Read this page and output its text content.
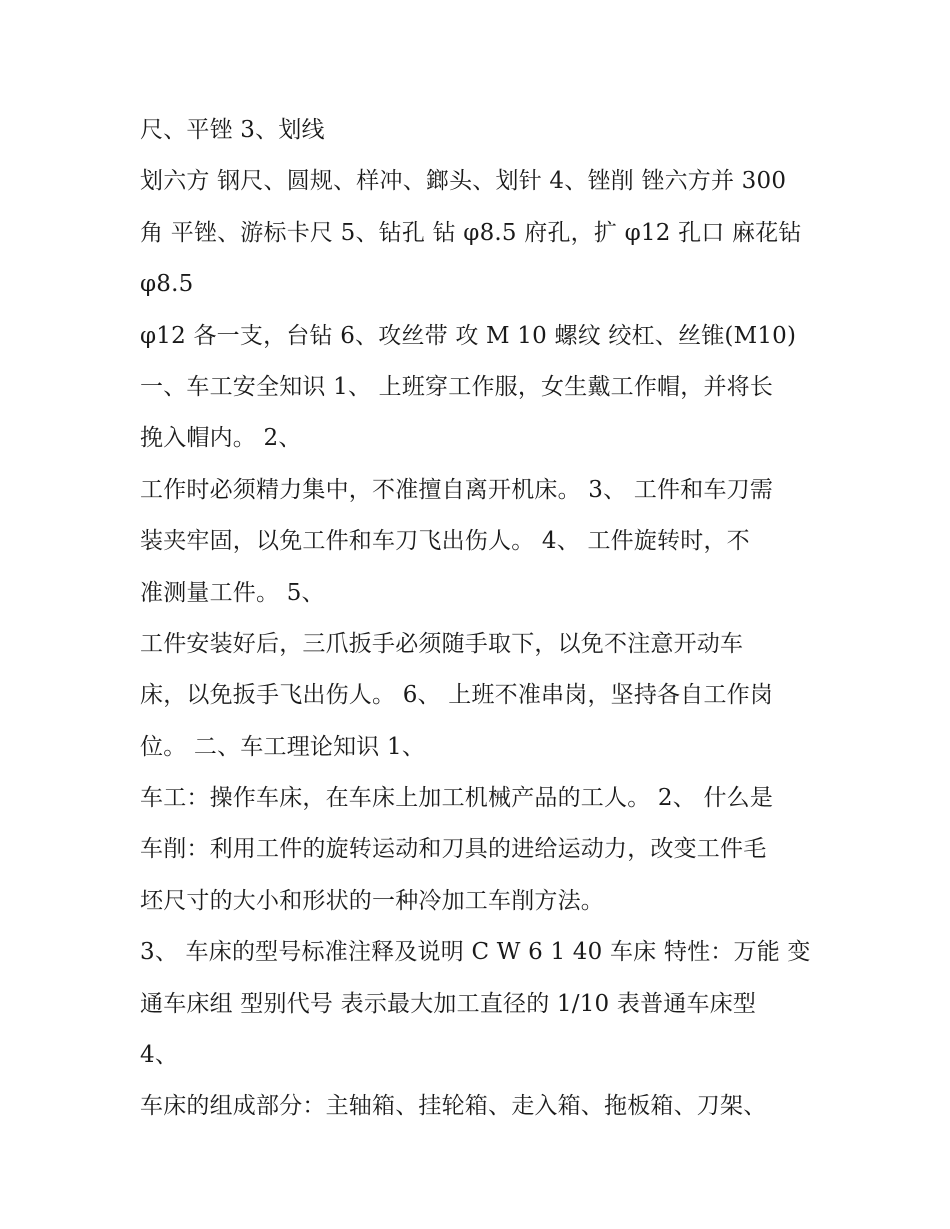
尺、平锉 3、划线
划六方 钢尺、圆规、样冲、鎯头、划针 4、锉削 锉六方并 300
角 平锉、游标卡尺 5、钻孔 钻 φ8.5 府孔，扩 φ12 孔口 麻花钻
φ8.5
φ12 各一支，台钻 6、攻丝带 攻 M 10 螺纹 绞杠、丝锥(M10)
一、车工安全知识 1、 上班穿工作服，女生戴工作帽，并将长
挽入帽内。 2、
工作时必须精力集中，不准擅自离开机床。 3、 工件和车刀需
装夹牢固，以免工件和车刀飞出伤人。 4、 工件旋转时，不
准测量工件。 5、
工件安装好后，三爪扳手必须随手取下，以免不注意开动车
床，以免扳手飞出伤人。 6、 上班不准串岗，坚持各自工作岗
位。 二、车工理论知识 1、
车工：操作车床，在车床上加工机械产品的工人。 2、 什么是
车削：利用工件的旋转运动和刀具的进给运动力，改变工件毛
坯尺寸的大小和形状的一种冷加工车削方法。
3、 车床的型号标准注释及说明 C W 6 1 40 车床 特性：万能 变
通车床组 型别代号 表示最大加工直径的 1/10 表普通车床型
4、
车床的组成部分：主轴箱、挂轮箱、走入箱、拖板箱、刀架、
